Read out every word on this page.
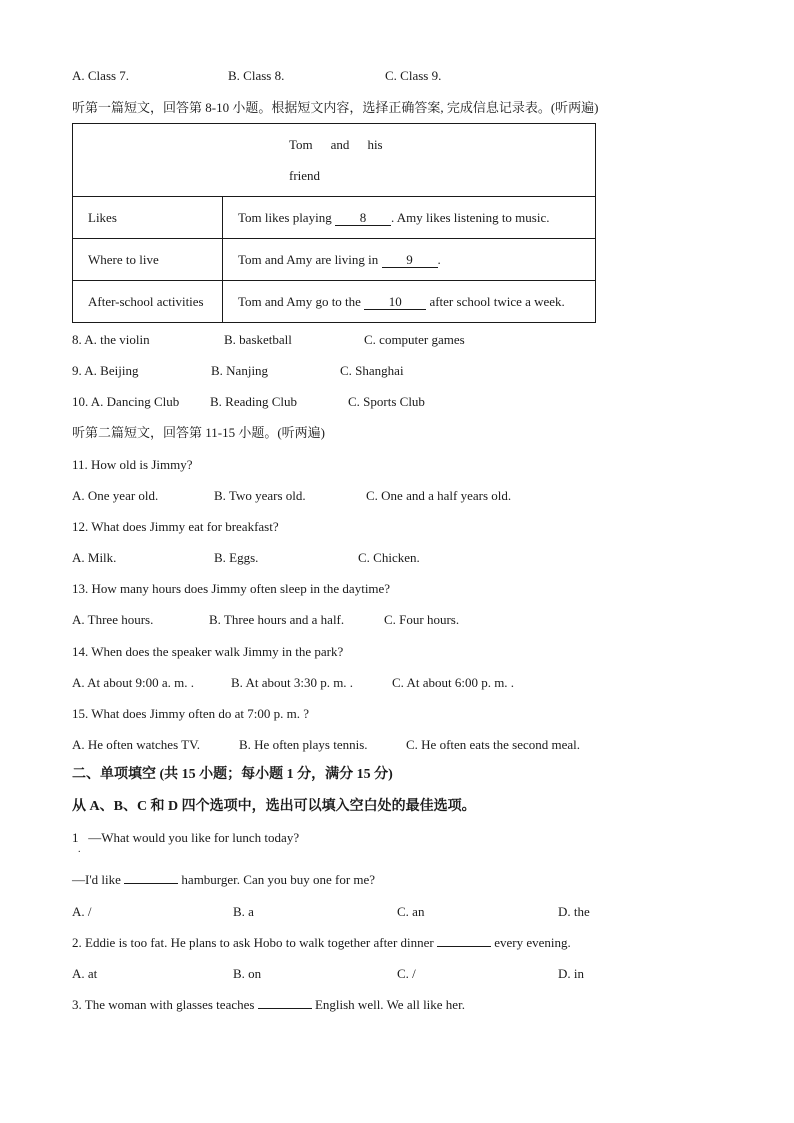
A. Class 7.	B. Class 8.	C. Class 9.
听第一篇短文，回答第 8-10 小题。根据短文内容，选择正确答案, 完成信息记录表。(听两遍)
Tom and his
friend	

Likes	Tom likes playing 8 . Amy likes listening to music.
Where to live	Tom and Amy are living in 9 .
After-school activities	Tom and Amy go to the 10 after school twice a week.
8. A. the violin	B. basketball	C. computer games
9. A. Beijing	B. Nanjing	C. Shanghai
10. A. Dancing Club B. Reading Club	C. Sports Club
听第二篇短文，回答第 11-15 小题。(听两遍)
11. How old is Jimmy?
A. One year old.	B. Two years old.	C. One and a half years old.
12. What does Jimmy eat for breakfast?
A. Milk.	B. Eggs.	C. Chicken.
13. How many hours does Jimmy often sleep in the daytime?
A. Three hours.	B. Three hours and a half.	C. Four hours.
14. When does the speaker walk Jimmy in the park?
A. At about 9:00 a. m. .	B. At about 3:30 p. m. .	C. At about 6:00 p. m. .
15. What does Jimmy often do at 7:00 p. m. ?
A. He often watches TV.	B. He often plays tennis.	C. He often eats the second meal.
二、单项填空 (共 15 小题；每小题 1 分，满分 15 分)
从 A、B、C 和 D 四个选项中，选出可以填入空白处的最佳选项。
1 —What would you like for lunch today?
.
—I'd like	hamburger. Can you buy one for me?
A. /	B. a	C. an	D. the
2. Eddie is too fat. He plans to ask Hobo to walk together after dinner	every evening.
A. at	B. on	C. /	D. in
3. The woman with glasses teaches	English well. We all like her.
